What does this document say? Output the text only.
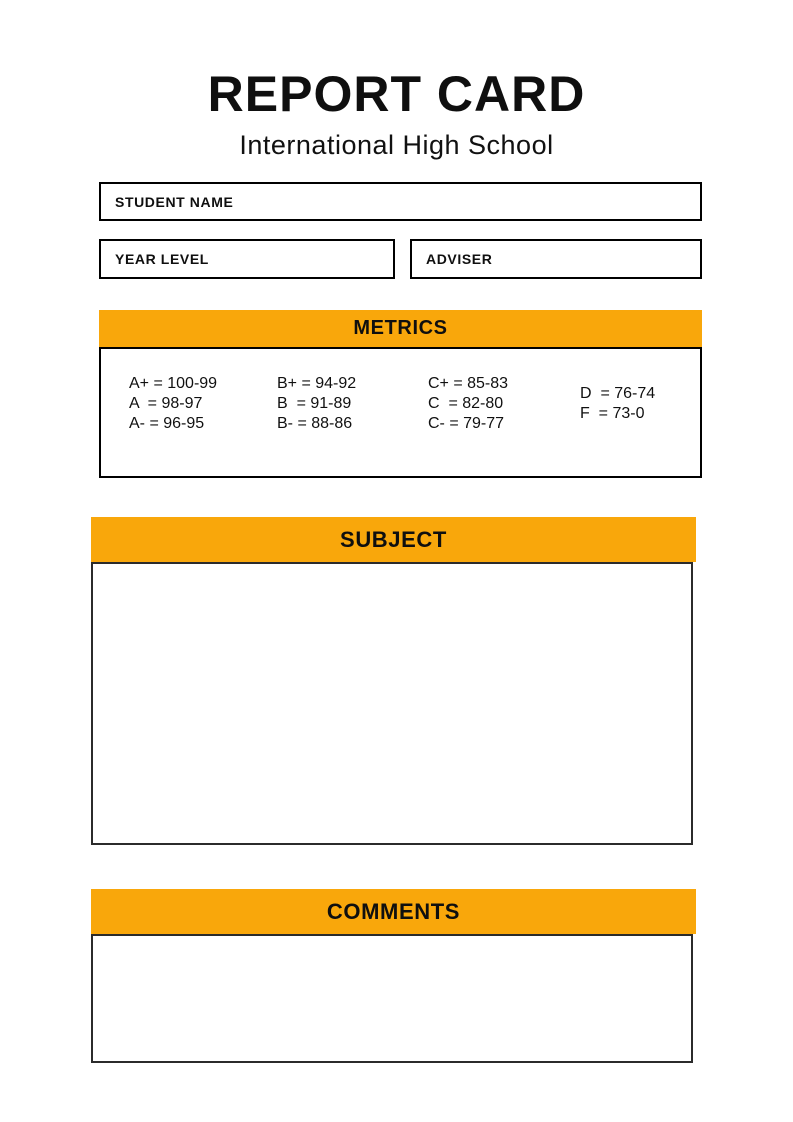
REPORT CARD
International High School
STUDENT NAME
YEAR LEVEL	ADVISER
METRICS
A+ = 100-99
A  = 98-97
A- = 96-95
B+ = 94-92
B  = 91-89
B- = 88-86
C+ = 85-83
C  = 82-80
C- = 79-77
D  = 76-74
F  = 73-0
SUBJECT
COMMENTS
